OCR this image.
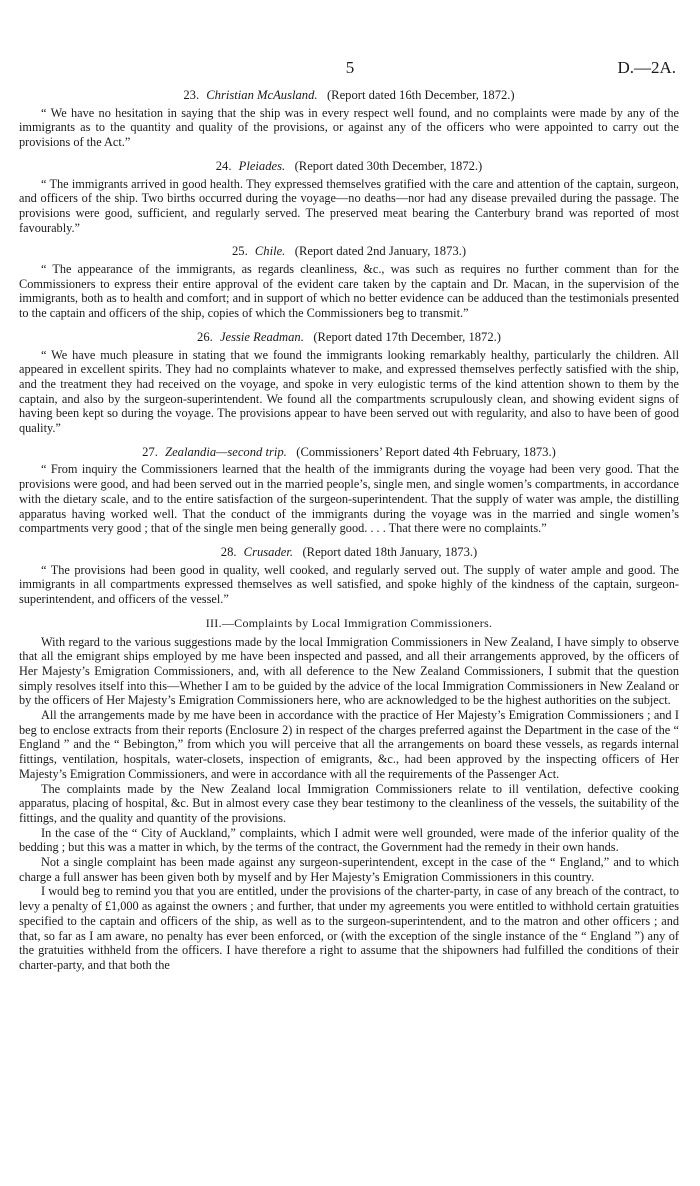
5	D.—2A.
23. Christian McAusland. (Report dated 16th December, 1872.)

“ We have no hesitation in saying that the ship was in every respect well found, and no complaints were made by any of the immigrants as to the quantity and quality of the provisions, or against any of the officers who were appointed to carry out the provisions of the Act.”

24. Pleiades. (Report dated 30th December, 1872.)

“ The immigrants arrived in good health. They expressed themselves gratified with the care and attention of the captain, surgeon, and officers of the ship. Two births occurred during the voyage—no deaths—nor had any disease prevailed during the passage. The provisions were good, sufficient, and regularly served. The preserved meat bearing the Canterbury brand was reported of most favourably.”

25. Chile. (Report dated 2nd January, 1873.)

“ The appearance of the immigrants, as regards cleanliness, &c., was such as requires no further comment than for the Commissioners to express their entire approval of the evident care taken by the captain and Dr. Macan, in the supervision of the immigrants, both as to health and comfort; and in support of which no better evidence can be adduced than the testimonials presented to the captain and officers of the ship, copies of which the Commissioners beg to transmit.”

26. Jessie Readman. (Report dated 17th December, 1872.)

“ We have much pleasure in stating that we found the immigrants looking remarkably healthy, particularly the children. All appeared in excellent spirits. They had no complaints whatever to make, and expressed themselves perfectly satisfied with the ship, and the treatment they had received on the voyage, and spoke in very eulogistic terms of the kind attention shown to them by the captain, and also by the surgeon-superintendent. We found all the compartments scrupulously clean, and showing evident signs of having been kept so during the voyage. The provisions appear to have been served out with regularity, and also to have been of good quality.”

27. Zealandia—second trip. (Commissioners’ Report dated 4th February, 1873.)

“ From inquiry the Commissioners learned that the health of the immigrants during the voyage had been very good. That the provisions were good, and had been served out in the married people’s, single men, and single women’s compartments, in accordance with the dietary scale, and to the entire satisfaction of the surgeon-superintendent. That the supply of water was ample, the distilling apparatus having worked well. That the conduct of the immigrants during the voyage was in the married and single women’s compartments very good ; that of the single men being generally good. . . . That there were no complaints.”

28. Crusader. (Report dated 18th January, 1873.)

“ The provisions had been good in quality, well cooked, and regularly served out. The supply of water ample and good. The immigrants in all compartments expressed themselves as well satisfied, and spoke highly of the kindness of the captain, surgeon-superintendent, and officers of the vessel.”

III.—Complaints by Local Immigration Commissioners.

With regard to the various suggestions made by the local Immigration Commissioners in New Zealand, I have simply to observe that all the emigrant ships employed by me have been inspected and passed, and all their arrangements approved, by the officers of Her Majesty’s Emigration Commissioners, and, with all deference to the New Zealand Commissioners, I submit that the question simply resolves itself into this—Whether I am to be guided by the advice of the local Immigration Commissioners in New Zealand or by the officers of Her Majesty’s Emigration Commissioners here, who are acknowledged to be the highest authorities on the subject.

All the arrangements made by me have been in accordance with the practice of Her Majesty’s Emigration Commissioners ; and I beg to enclose extracts from their reports (Enclosure 2) in respect of the charges preferred against the Department in the case of the “ England ” and the “ Bebington,” from which you will perceive that all the arrangements on board these vessels, as regards internal fittings, ventilation, hospitals, water-closets, inspection of emigrants, &c., had been approved by the inspecting officers of Her Majesty’s Emigration Commissioners, and were in accordance with all the requirements of the Passenger Act.

The complaints made by the New Zealand local Immigration Commissioners relate to ill ventilation, defective cooking apparatus, placing of hospital, &c. But in almost every case they bear testimony to the cleanliness of the vessels, the suitability of the fittings, and the quality and quantity of the provisions.

In the case of the “ City of Auckland,” complaints, which I admit were well grounded, were made of the inferior quality of the bedding ; but this was a matter in which, by the terms of the contract, the Government had the remedy in their own hands.

Not a single complaint has been made against any surgeon-superintendent, except in the case of the “ England,” and to which charge a full answer has been given both by myself and by Her Majesty’s Emigration Commissioners in this country.

I would beg to remind you that you are entitled, under the provisions of the charter-party, in case of any breach of the contract, to levy a penalty of £1,000 as against the owners ; and further, that under my agreements you were entitled to withhold certain gratuities specified to the captain and officers of the ship, as well as to the surgeon-superintendent, and to the matron and other officers ; and that, so far as I am aware, no penalty has ever been enforced, or (with the exception of the single instance of the “ England ”) any of the gratuities withheld from the officers. I have therefore a right to assume that the shipowners had fulfilled the conditions of their charter-party, and that both the
